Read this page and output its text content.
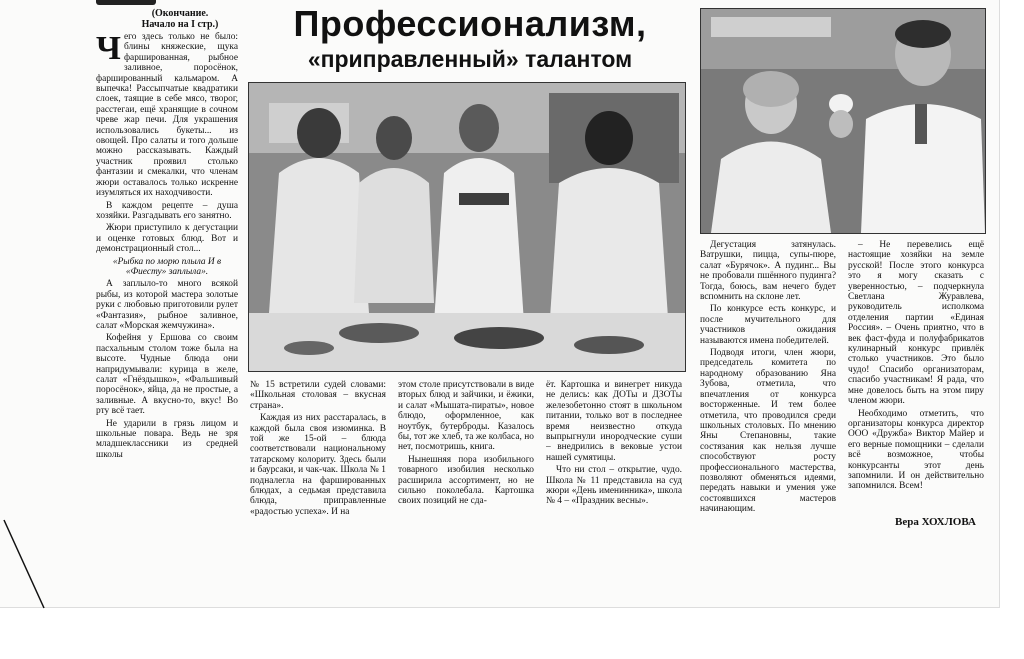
(Окончание.
Начало на I стр.)

Чего здесь только не было: блины княжеские, щука фаршированная, рыбное заливное, поросёнок, фаршированный кальмаром. А выпечка! Рассыпчатые квадратики слоек, таящие в себе мясо, творог, расстегаи, ещё хранящие в сочном чреве жар печи. Для украшения использовались букеты... из овощей. Про салаты и того дольше можно рассказывать. Каждый участник проявил столько фантазии и смекалки, что членам жюри оставалось только искренне изумляться их находчивости.

В каждом рецепте – душа хозяйки. Разгадывать его занятно.

Жюри приступило к дегустации и оценке готовых блюд. Вот и демонстрационный стол...

«Рыбка по морю плыла И в «Фиесту» заплыла».

А заплыло-то много всякой рыбы, из которой мастера золотые руки с любовью приготовили рулет «Фантазия», рыбное заливное, салат «Морская жемчужина».

Кофейня у Ершова со своим пасхальным столом тоже была на высоте. Чудные блюда они напридумывали: курица в желе, салат «Гнёздышко», «Фальшивый поросёнок», яйца, да не простые, а заливные. А вкусно-то, вкус! Во рту всё тает.

Не ударили в грязь лицом и школьные повара. Ведь не зря младшеклассники из средней школы

Профессионализм,
«приправленный» талантом

№ 15 встретили судей словами: «Школьная столовая – вкусная страна».

Каждая из них расстаралась, в каждой была своя изюминка. В той же 15-ой – блюда соответствовали национальному татарскому колориту. Здесь были и баурсаки, и чак-чак. Школа № 1 подналегла на фаршированных блюдах, а седьмая представила блюда, приправленные «радостью успеха». И на

этом столе присутствовали в виде вторых блюд и зайчики, и ёжики, и салат «Мышата-пираты», новое блюдо, оформленное, как ноутбук, бутерброды. Казалось бы, тот же хлеб, та же колбаса, но нет, посмотришь, книга.

Нынешняя пора изобильного товарного изобилия несколько расширила ассортимент, но не сильно поколебала. Картошка своих позиций не сда-

ёт. Картошка и винегрет никуда не делись: как ДОТы и ДЗОТы железобетонно стоят в школьном питании, только вот в последнее время неизвестно откуда выпрыгнули инородческие суши – внедрились в вековые устои нашей сумятицы.

Что ни стол – открытие, чудо. Школа № 11 представила на суд жюри «День именинника», школа № 4 – «Праздник весны».

Дегустация затянулась. Ватрушки, пицца, супы-пюре, салат «Бурячок». А пудинг... Вы не пробовали пшённого пудинга? Тогда, боюсь, вам нечего будет вспомнить на склоне лет.

По конкурсе есть конкурс, и после мучительного для участников ожидания называются имена победителей.

Подводя итоги, член жюри, председатель комитета по народному образованию Яна Зубова, отметила, что впечатления от конкурса восторженные. И тем более отметила, что проводился среди школьных столовых. По мнению Яны Степановны, такие состязания как нельзя лучше способствуют росту профессионального мастерства, позволяют обменяться идеями, передать навыки и умения уже состоявшихся мастеров начинающим.

– Не перевелись ещё настоящие хозяйки на земле русской! После этого конкурса это я могу сказать с уверенностью, – подчеркнула Светлана Журавлева, руководитель исполкома отделения партии «Единая Россия». – Очень приятно, что в век фаст-фуда и полуфабрикатов кулинарный конкурс привлёк столько участников. Это было чудо! Спасибо организаторам, спасибо участникам! Я рада, что мне довелось быть на этом пиру членом жюри.

Необходимо отметить, что организаторы конкурса директор ООО «Дружба» Виктор Майер и его верные помощники – сделали всё возможное, чтобы конкурсанты этот день запомнили. И он действительно запомнился. Всем!

Вера ХОХЛОВА
